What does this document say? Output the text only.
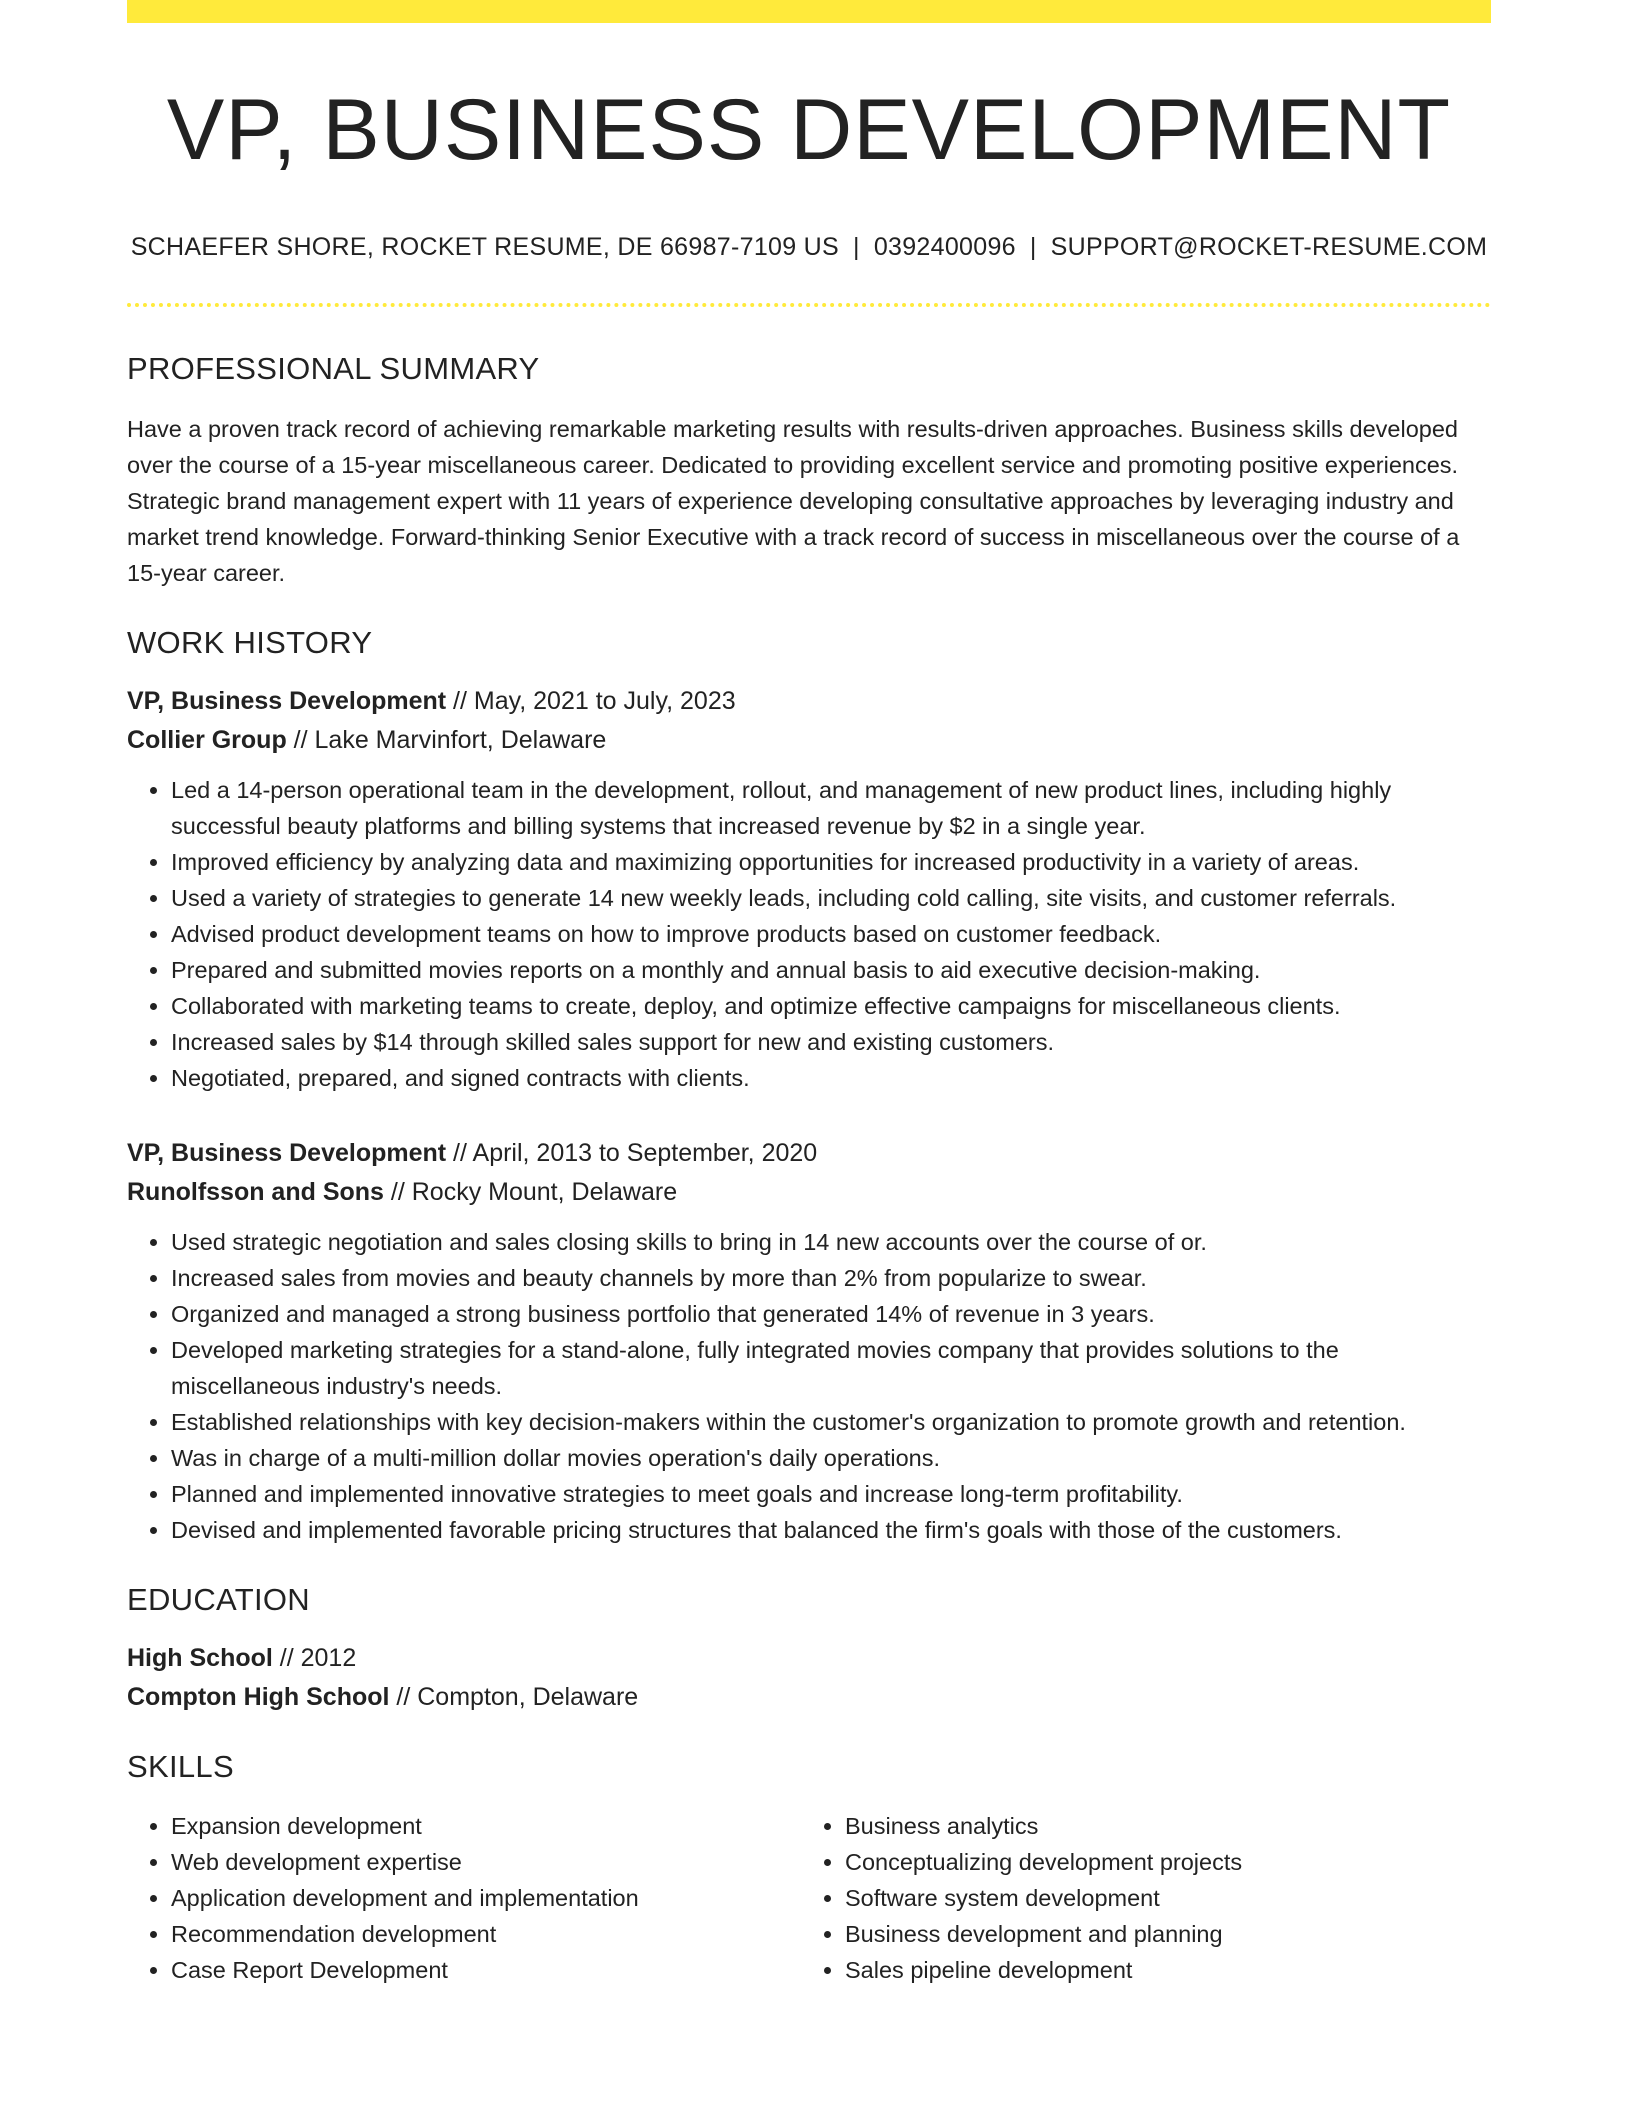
VP, BUSINESS DEVELOPMENT
SCHAEFER SHORE, ROCKET RESUME, DE 66987-7109 US | 0392400096 | SUPPORT@ROCKET-RESUME.COM
PROFESSIONAL SUMMARY

Have a proven track record of achieving remarkable marketing results with results-driven approaches. Business skills developed over the course of a 15-year miscellaneous career. Dedicated to providing excellent service and promoting positive experiences. Strategic brand management expert with 11 years of experience developing consultative approaches by leveraging industry and market trend knowledge. Forward-thinking Senior Executive with a track record of success in miscellaneous over the course of a 15-year career.

WORK HISTORY
VP, Business Development // May, 2021 to July, 2023
Collier Group // Lake Marvinfort, Delaware
• Led a 14-person operational team in the development, rollout, and management of new product lines, including highly successful beauty platforms and billing systems that increased revenue by $2 in a single year.
• Improved efficiency by analyzing data and maximizing opportunities for increased productivity in a variety of areas.
• Used a variety of strategies to generate 14 new weekly leads, including cold calling, site visits, and customer referrals.
• Advised product development teams on how to improve products based on customer feedback.
• Prepared and submitted movies reports on a monthly and annual basis to aid executive decision-making.
• Collaborated with marketing teams to create, deploy, and optimize effective campaigns for miscellaneous clients.
• Increased sales by $14 through skilled sales support for new and existing customers.
• Negotiated, prepared, and signed contracts with clients.
VP, Business Development // April, 2013 to September, 2020
Runolfsson and Sons // Rocky Mount, Delaware
• Used strategic negotiation and sales closing skills to bring in 14 new accounts over the course of or.
• Increased sales from movies and beauty channels by more than 2% from popularize to swear.
• Organized and managed a strong business portfolio that generated 14% of revenue in 3 years.
• Developed marketing strategies for a stand-alone, fully integrated movies company that provides solutions to the miscellaneous industry's needs.
• Established relationships with key decision-makers within the customer's organization to promote growth and retention.
• Was in charge of a multi-million dollar movies operation's daily operations.
• Planned and implemented innovative strategies to meet goals and increase long-term profitability.
• Devised and implemented favorable pricing structures that balanced the firm's goals with those of the customers.
EDUCATION
High School // 2012
Compton High School // Compton, Delaware
SKILLS
• Expansion development
• Web development expertise
• Application development and implementation
• Recommendation development
• Case Report Development
• Business analytics
• Conceptualizing development projects
• Software system development
• Business development and planning
• Sales pipeline development
